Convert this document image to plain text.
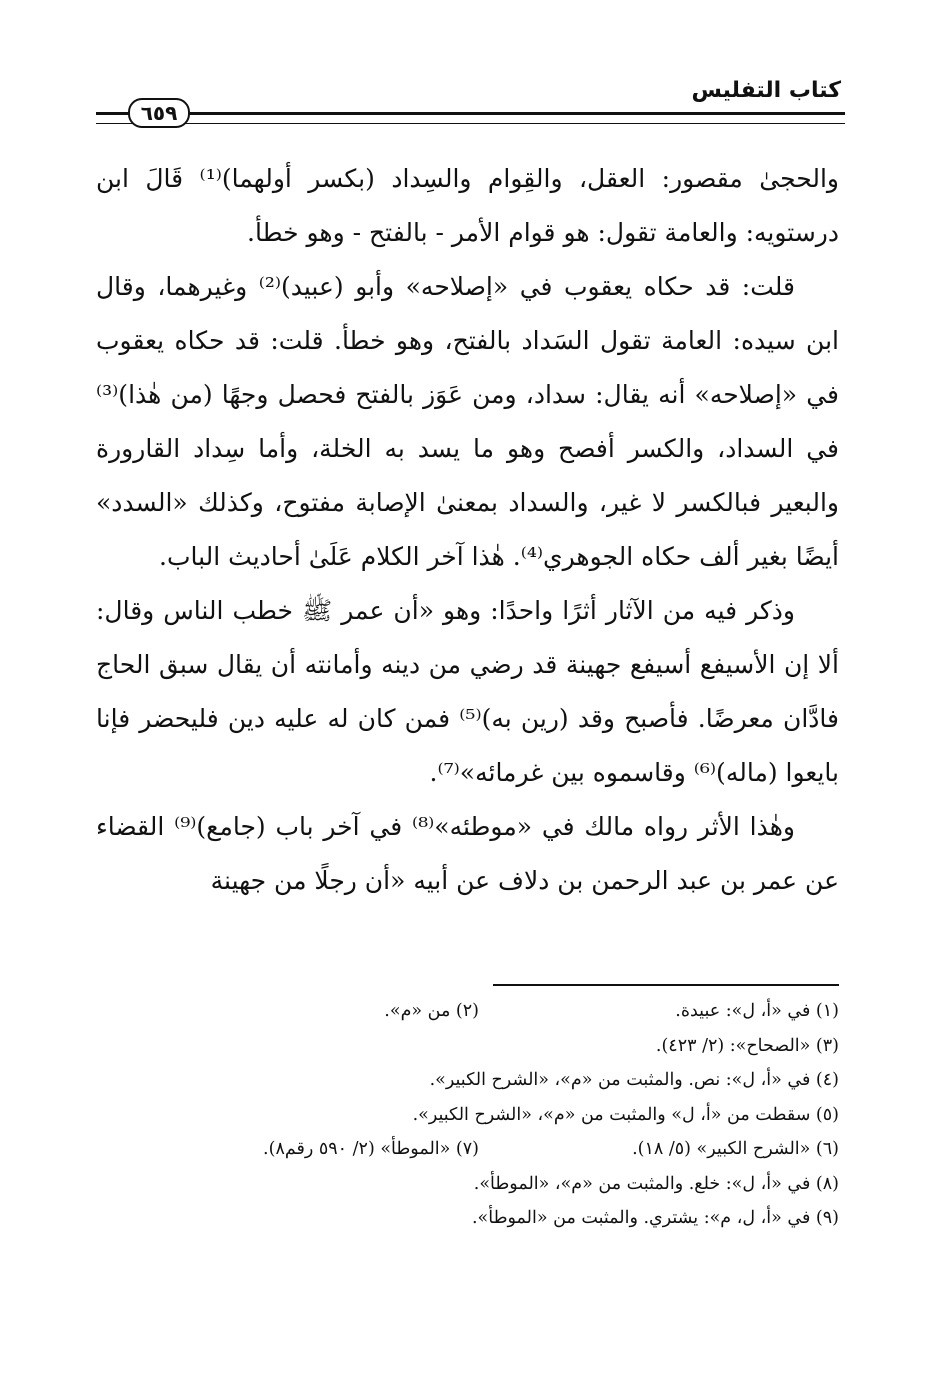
كتاب التفليس
٦٥٩

والحجىٰ مقصور: العقل، والقِوام والسِداد (بكسر أولهما)⁽¹⁾ قَالَ ابن درستويه: والعامة تقول: هو قوام الأمر - بالفتح - وهو خطأ.

قلت: قد حكاه يعقوب في «إصلاحه» وأبو (عبيد)⁽²⁾ وغيرهما، وقال ابن سيده: العامة تقول السَداد بالفتح، وهو خطأ. قلت: قد حكاه يعقوب في «إصلاحه» أنه يقال: سداد، ومن عَوَز بالفتح فحصل وجهًا (من هٰذا)⁽³⁾ في السداد، والكسر أفصح وهو ما يسد به الخلة، وأما سِداد القارورة والبعير فبالكسر لا غير، والسداد بمعنىٰ الإصابة مفتوح، وكذلك «السدد» أيضًا بغير ألف حكاه الجوهري⁽⁴⁾. هٰذا آخر الكلام عَلَىٰ أحاديث الباب.

وذكر فيه من الآثار أثرًا واحدًا: وهو «أن عمر ﷺ خطب الناس وقال: ألا إن الأسيفع أسيفع جهينة قد رضي من دينه وأمانته أن يقال سبق الحاج فادَّان معرضًا. فأصبح وقد (رين به)⁽⁵⁾ فمن كان له عليه دين فليحضر فإنا بايعوا (ماله)⁽⁶⁾ وقاسموه بين غرمائه»⁽⁷⁾.

وهٰذا الأثر رواه مالك في «موطئه»⁽⁸⁾ في آخر باب (جامع)⁽⁹⁾ القضاء عن عمر بن عبد الرحمن بن دلاف عن أبيه «أن رجلًا من جهينة

(١) في «أ، ل»: عبيدة.
(٢) من «م».
(٣) «الصحاح»: (٢/ ٤٢٣).
(٤) في «أ، ل»: نص. والمثبت من «م»، «الشرح الكبير».
(٥) سقطت من «أ، ل» والمثبت من «م»، «الشرح الكبير».
(٦) «الشرح الكبير» (٥/ ١٨).
(٧) «الموطأ» (٢/ ٥٩٠ رقم٨).
(٨) في «أ، ل»: خلع. والمثبت من «م»، «الموطأ».
(٩) في «أ، ل، م»: يشتري. والمثبت من «الموطأ».
